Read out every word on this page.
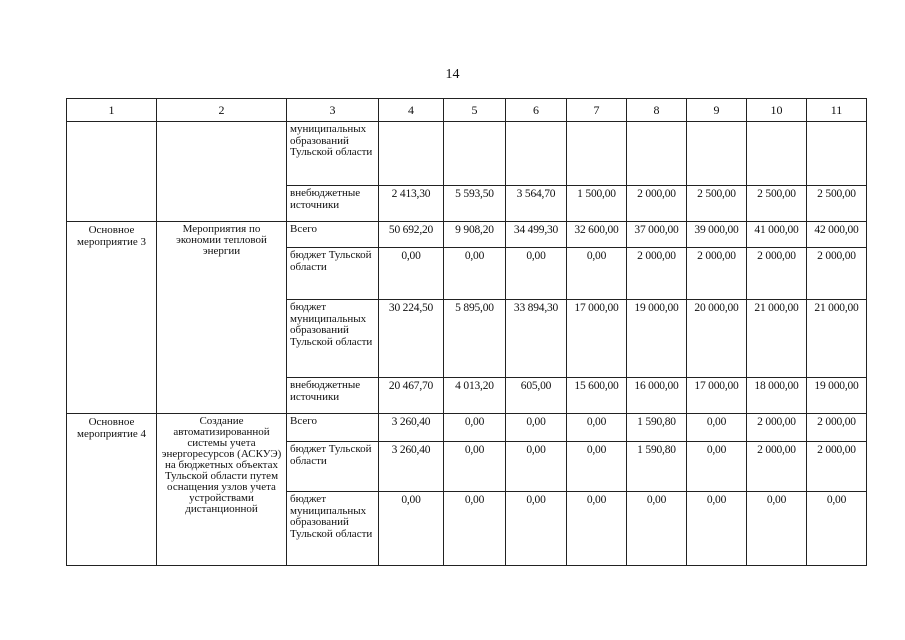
14
1	2	3	4	5	6	7	8	9	10	11
		муниципальных образований Тульской области								
		внебюджетные источники	2 413,30	5 593,50	3 564,70	1 500,00	2 000,00	2 500,00	2 500,00	2 500,00
Основное мероприятие 3	Мероприятия по экономии тепловой энергии	Всего	50 692,20	9 908,20	34 499,30	32 600,00	37 000,00	39 000,00	41 000,00	42 000,00
		бюджет Тульской области	0,00	0,00	0,00	0,00	2 000,00	2 000,00	2 000,00	2 000,00
		бюджет муниципальных образований Тульской области	30 224,50	5 895,00	33 894,30	17 000,00	19 000,00	20 000,00	21 000,00	21 000,00
		внебюджетные источники	20 467,70	4 013,20	605,00	15 600,00	16 000,00	17 000,00	18 000,00	19 000,00
Основное мероприятие 4	Создание автоматизированной системы учета энергоресурсов (АСКУЭ) на бюджетных объектах Тульской области путем оснащения узлов учета устройствами дистанционной	Всего	3 260,40	0,00	0,00	0,00	1 590,80	0,00	2 000,00	2 000,00
		бюджет Тульской области	3 260,40	0,00	0,00	0,00	1 590,80	0,00	2 000,00	2 000,00
		бюджет муниципальных образований Тульской области	0,00	0,00	0,00	0,00	0,00	0,00	0,00	0,00
